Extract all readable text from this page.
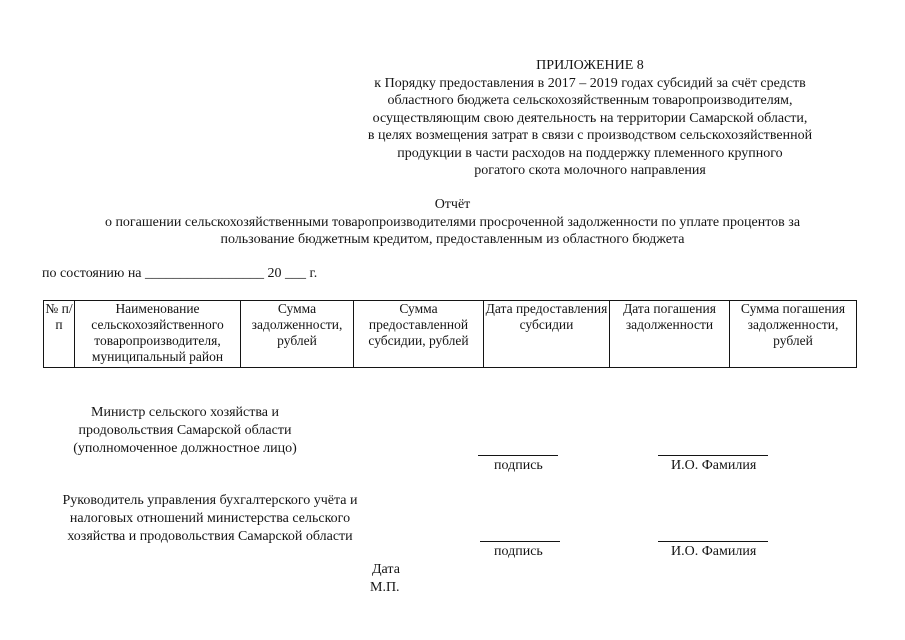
ПРИЛОЖЕНИЕ 8
к Порядку предоставления в 2017 – 2019 годах субсидий за счёт средств
областного бюджета сельскохозяйственным товаропроизводителям,
осуществляющим свою деятельность на территории Самарской области,
в целях возмещения затрат в связи с производством сельскохозяйственной
продукции в части расходов на поддержку племенного крупного
рогатого скота молочного направления
Отчёт
о погашении сельскохозяйственными товаропроизводителями просроченной задолженности по уплате процентов за
пользование бюджетным кредитом, предоставленным из областного бюджета
по состоянию на _________________ 20 ___ г.
№ п/п	Наименование сельскохозяйственного товаропроизводителя, муниципальный район	Сумма задолженности, рублей	Сумма предоставленной субсидии, рублей	Дата предоставления субсидии	Дата погашения задолженности	Сумма погашения задолженности, рублей
Министр сельского хозяйства и
продовольствия Самарской области
(уполномоченное должностное лицо)
подпись	И.О. Фамилия
Руководитель управления бухгалтерского учёта и
налоговых отношений министерства сельского
хозяйства и продовольствия Самарской области
подпись	И.О. Фамилия
Дата
М.П.
